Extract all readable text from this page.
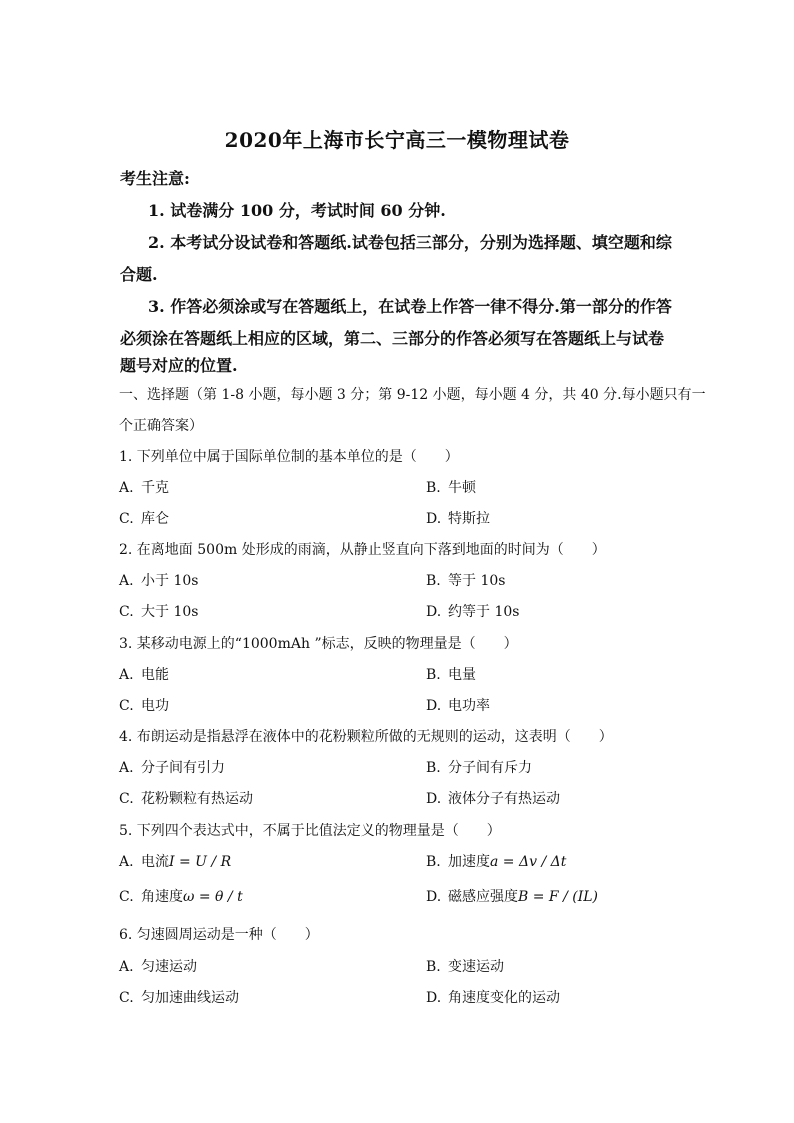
2020年上海市长宁高三一模物理试卷
考生注意:
1. 试卷满分 100 分，考试时间 60 分钟.
2. 本考试分设试卷和答题纸.试卷包括三部分，分别为选择题、填空题和综
合题.
3. 作答必须涂或写在答题纸上，在试卷上作答一律不得分.第一部分的作答
必须涂在答题纸上相应的区域，第二、三部分的作答必须写在答题纸上与试卷
题号对应的位置.
一、选择题（第 1-8 小题，每小题 3 分；第 9-12 小题，每小题 4 分，共 40 分.每小题只有一
个正确答案）
1. 下列单位中属于国际单位制的基本单位的是（　　）
A. 千克	B. 牛顿
C. 库仑	D. 特斯拉
2. 在离地面 500m 处形成的雨滴，从静止竖直向下落到地面的时间为（　　）
A. 小于 10s	B. 等于 10s
C. 大于 10s	D. 约等于 10s
3. 某移动电源上的“1000mAh ”标志，反映的物理量是（　　）
A. 电能	B. 电量
C. 电功	D. 电功率
4. 布朗运动是指悬浮在液体中的花粉颗粒所做的无规则的运动，这表明（　　）
A. 分子间有引力	B. 分子间有斥力
C. 花粉颗粒有热运动	D. 液体分子有热运动
5. 下列四个表达式中，不属于比值法定义的物理量是（　　）
A. 电流I = U / R	B. 加速度a = Δv / Δt
C. 角速度ω = θ / t	D. 磁感应强度B = F / (IL)
6. 匀速圆周运动是一种（　　）
A. 匀速运动	B. 变速运动
C. 匀加速曲线运动	D. 角速度变化的运动
